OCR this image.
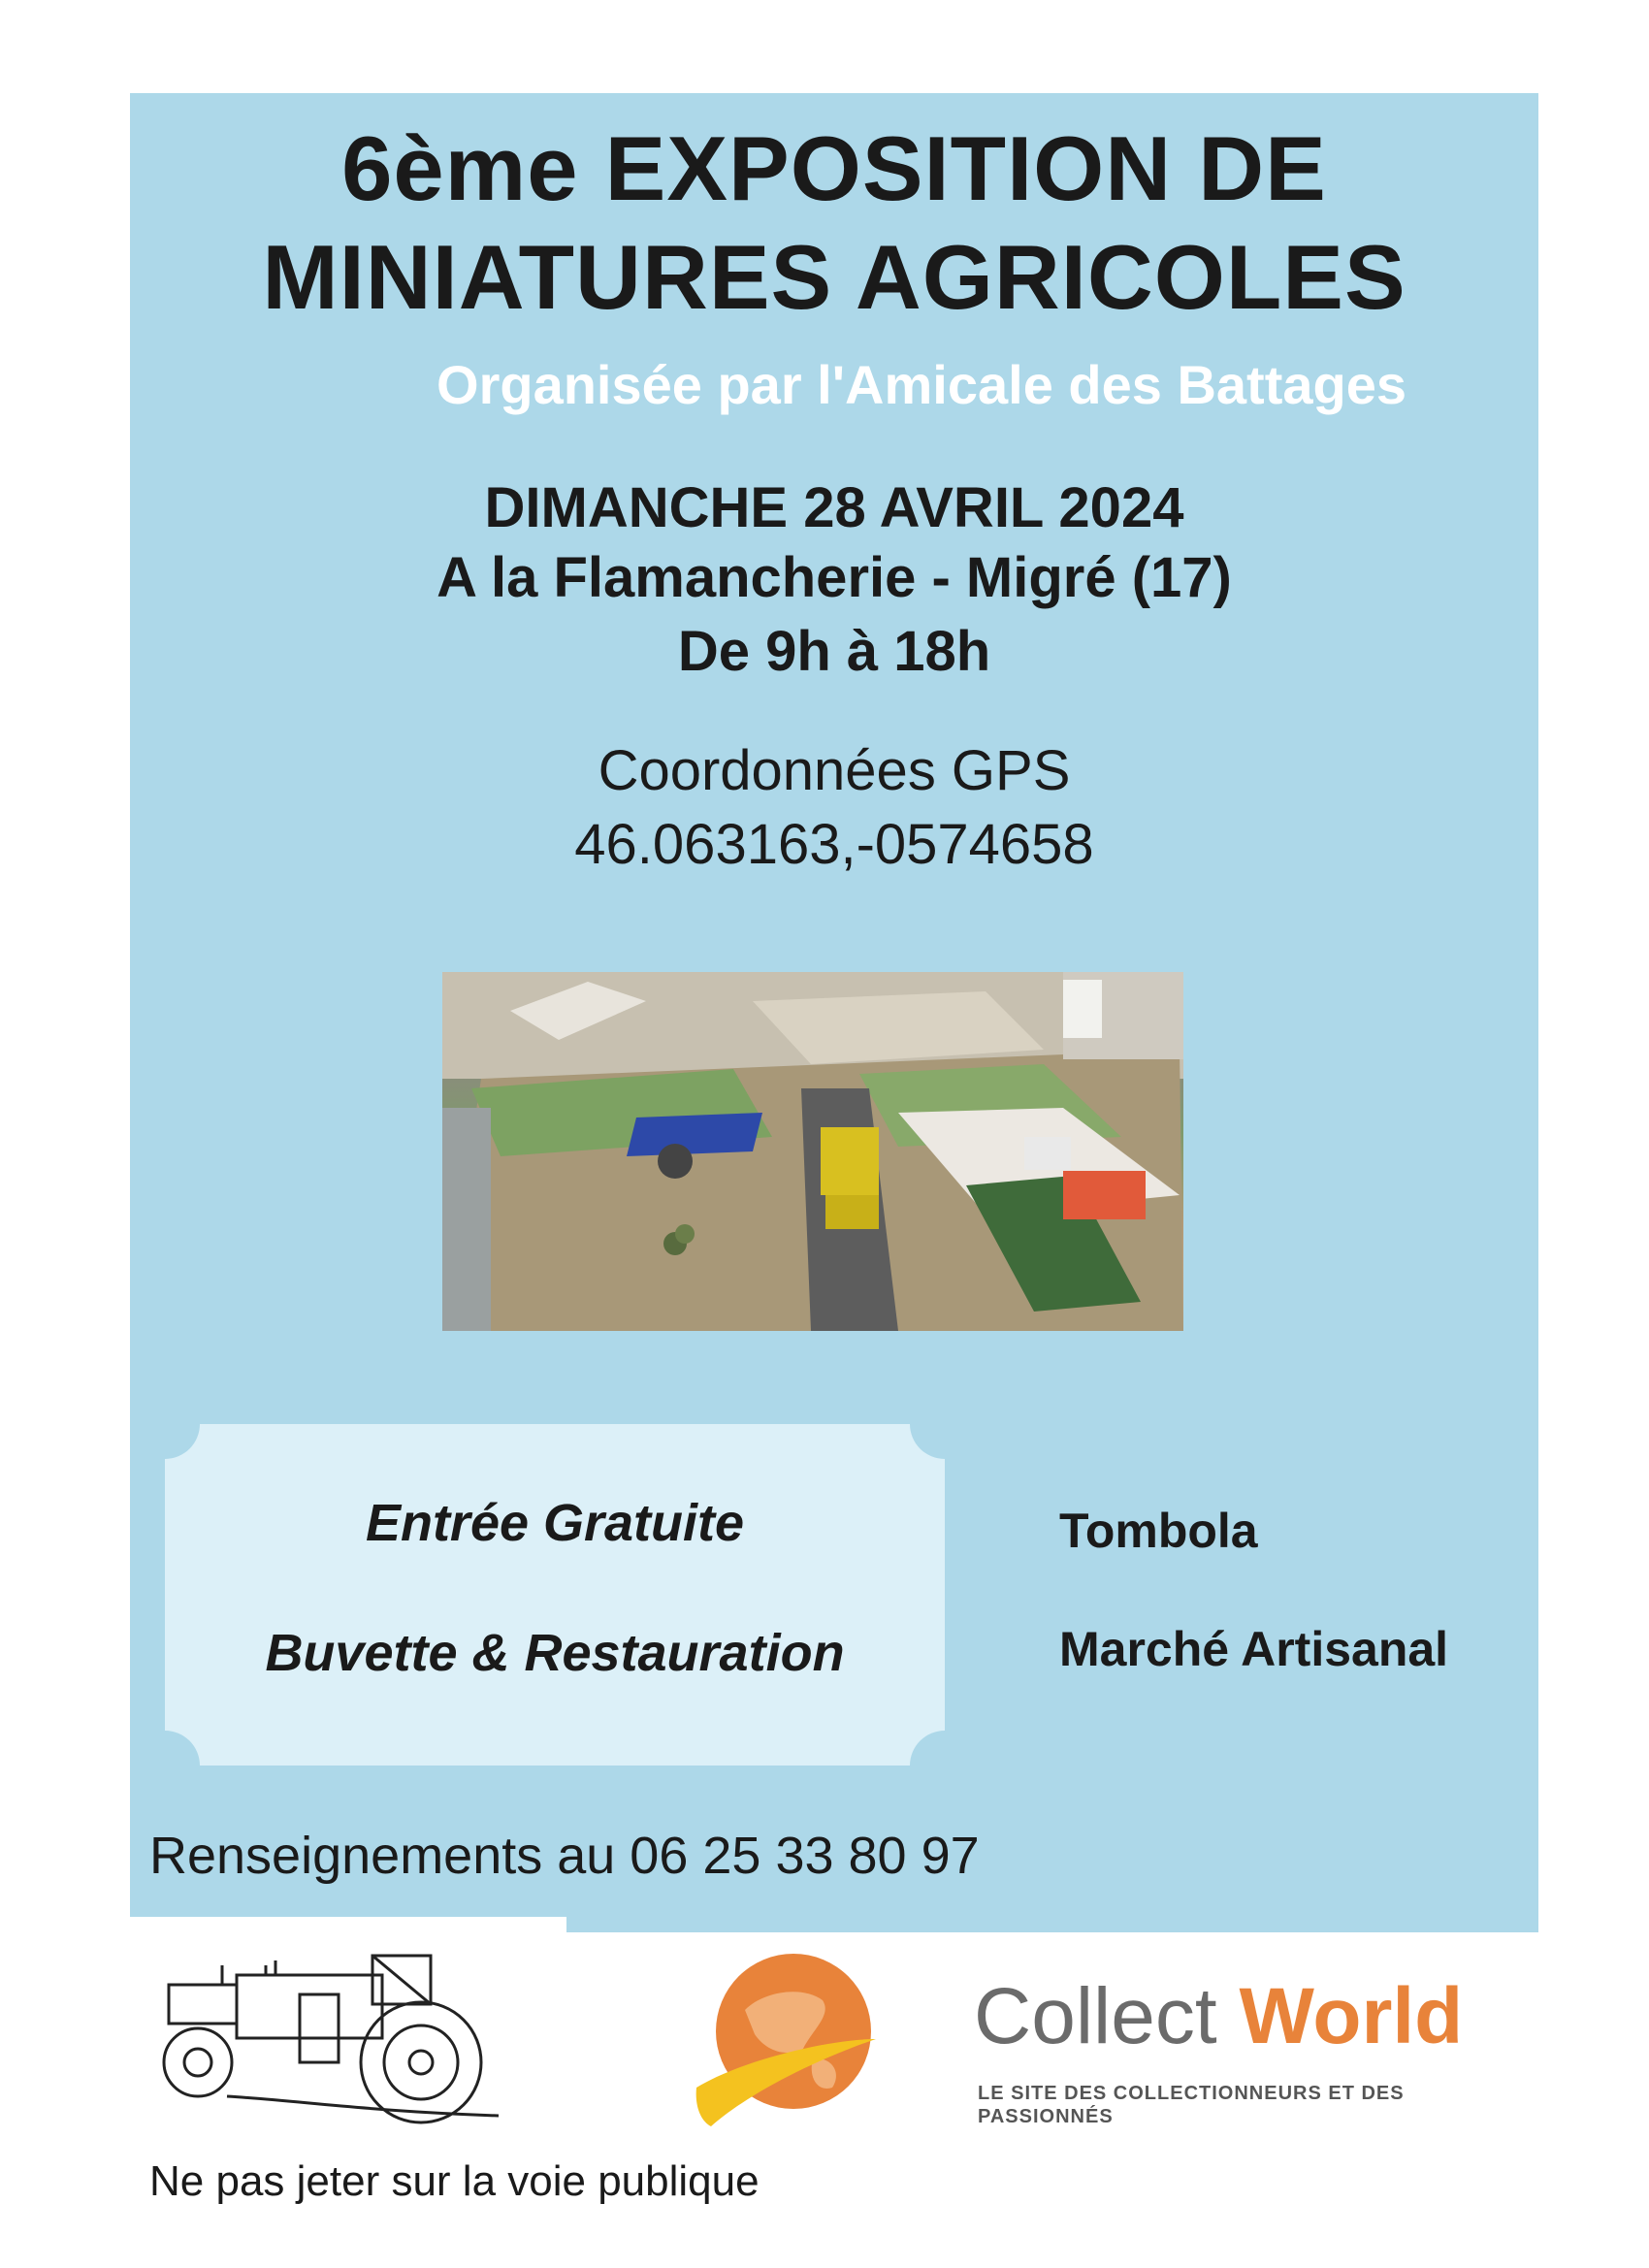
6ème EXPOSITION DE
MINIATURES AGRICOLES
Organisée par l'Amicale des Battages
DIMANCHE 28 AVRIL 2024
A la Flamancherie - Migré (17)
De 9h à 18h
Coordonnées GPS
46.063163,-0574658
Entrée Gratuite
Buvette & Restauration
Tombola
Marché Artisanal
Renseignements au 06 25 33 80 97
Collect World
LE SITE DES COLLECTIONNEURS ET DES PASSIONNÉS
Ne pas jeter sur la voie publique
